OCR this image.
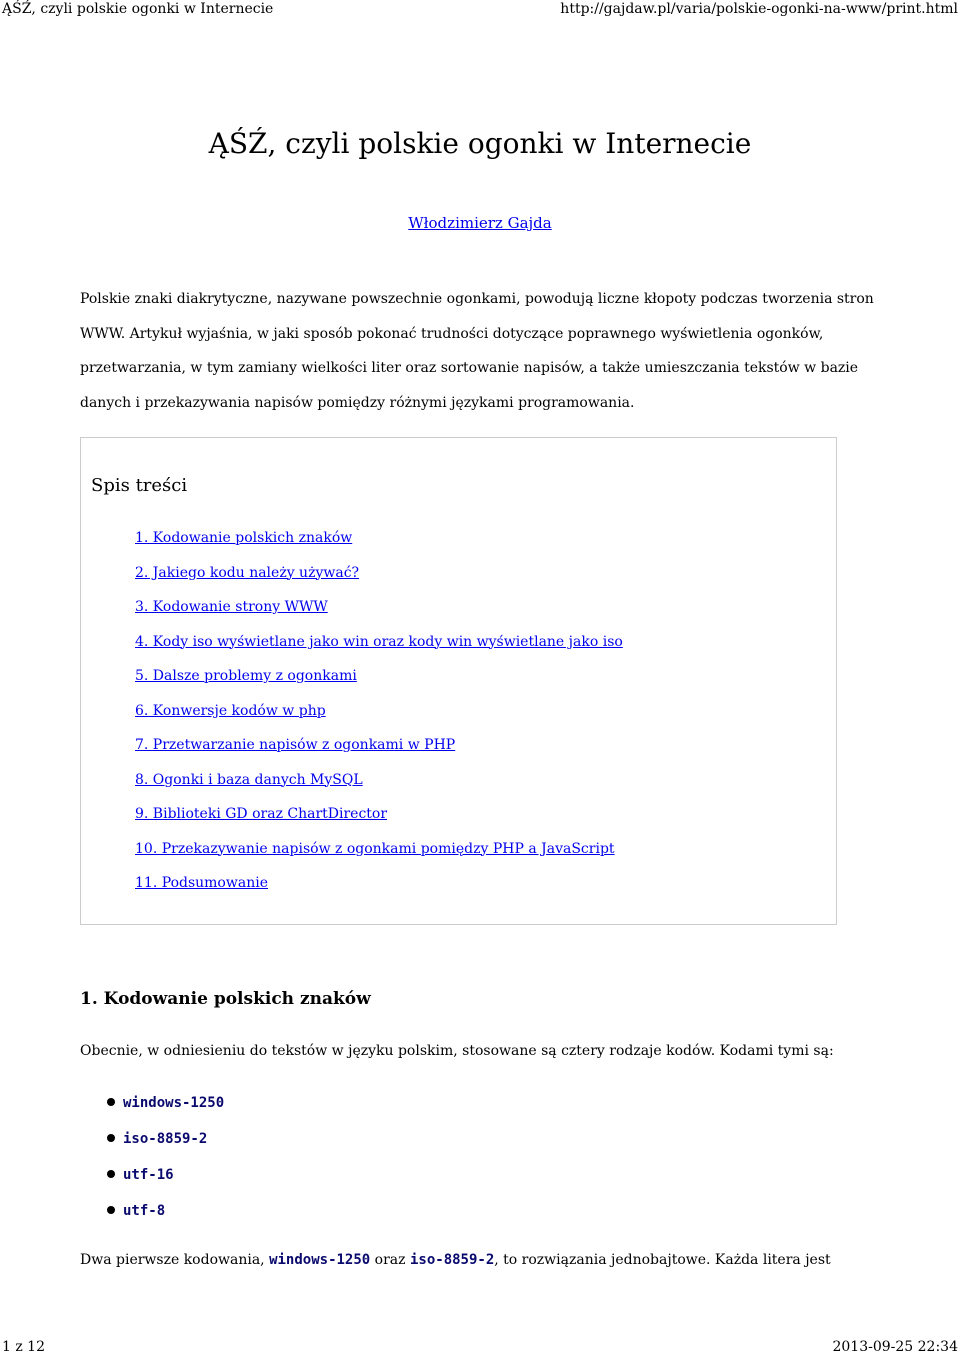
ĄŚŹ, czyli polskie ogonki w Internecie	http://gajdaw.pl/varia/polskie-ogonki-na-www/print.html
ĄŚŹ, czyli polskie ogonki w Internecie
Włodzimierz Gajda

Polskie znaki diakrytyczne, nazywane powszechnie ogonkami, powodują liczne kłopoty podczas tworzenia stron WWW. Artykuł wyjaśnia, w jaki sposób pokonać trudności dotyczące poprawnego wyświetlenia ogonków, przetwarzania, w tym zamiany wielkości liter oraz sortowanie napisów, a także umieszczania tekstów w bazie danych i przekazywania napisów pomiędzy różnymi językami programowania.

Spis treści
1. Kodowanie polskich znaków
2. Jakiego kodu należy używać?
3. Kodowanie strony WWW
4. Kody iso wyświetlane jako win oraz kody win wyświetlane jako iso
5. Dalsze problemy z ogonkami
6. Konwersje kodów w php
7. Przetwarzanie napisów z ogonkami w PHP
8. Ogonki i baza danych MySQL
9. Biblioteki GD oraz ChartDirector
10. Przekazywanie napisów z ogonkami pomiędzy PHP a JavaScript
11. Podsumowanie
1. Kodowanie polskich znaków

Obecnie, w odniesieniu do tekstów w języku polskim, stosowane są cztery rodzaje kodów. Kodami tymi są:

windows-1250
iso-8859-2
utf-16
utf-8

Dwa pierwsze kodowania, windows-1250 oraz iso-8859-2, to rozwiązania jednobajtowe. Każda litera jest

1 z 12	2013-09-25 22:34
